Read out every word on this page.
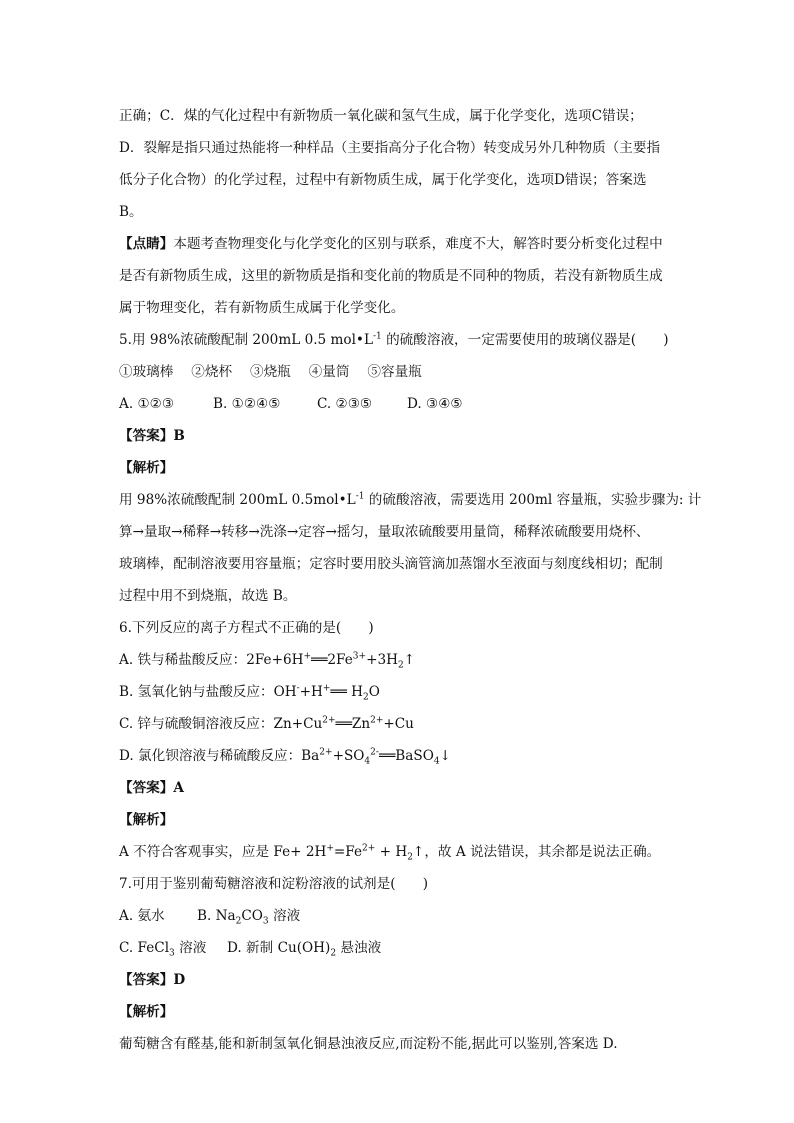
正确；C．煤的气化过程中有新物质一氧化碳和氢气生成，属于化学变化，选项C错误；
D．裂解是指只通过热能将一种样品（主要指高分子化合物）转变成另外几种物质（主要指
低分子化合物）的化学过程，过程中有新物质生成，属于化学变化，选项D错误；答案选
B。
【点睛】本题考查物理变化与化学变化的区别与联系，难度不大，解答时要分析变化过程中
是否有新物质生成，这里的新物质是指和变化前的物质是不同种的物质，若没有新物质生成
属于物理变化，若有新物质生成属于化学变化。
5.用 98%浓硫酸配制 200mL 0.5 $mol•L^{-1}$ 的硫酸溶液，一定需要使用的玻璃仪器是(　　)
①玻璃棒　 ②烧杯　 ③烧瓶　 ④量筒　 ⑤容量瓶
A. ①②③	B. ①②④⑤	C. ②③⑤	D. ③④⑤
【答案】B
【解析】
用 98%浓硫酸配制 200mL $0.5mol•L^{-1}$ 的硫酸溶液，需要选用 200ml 容量瓶，实验步骤为: 计
算→量取→稀释→转移→洗涤→定容→摇匀，量取浓硫酸要用量筒，稀释浓硫酸要用烧杯、
玻璃棒，配制溶液要用容量瓶；定容时要用胶头滴管滴加蒸馏水至液面与刻度线相切；配制
过程中用不到烧瓶，故选 B。
6.下列反应的离子方程式不正确的是(　　)
A. 铁与稀盐酸反应：$2Fe+6H^+══2Fe^{3+}+3H_2↑$
B. 氢氧化钠与盐酸反应：OH-+H+══ $H_2O$
C. 锌与硫酸铜溶液反应：$Zn+Cu^{2+}══Zn^{2+}+Cu$
D. 氯化钡溶液与稀硫酸反应：$Ba^{2+}+SO_4^{2-}══BaSO_4↓$
【答案】A
【解析】
A 不符合客观事实，应是 $Fe+ 2H^+=Fe^{2+}$ + $H_2↑$，故 A 说法错误，其余都是说法正确。
7.可用于鉴别葡萄糖溶液和淀粉溶液的试剂是(　　)
A. 氨水 B. $Na_2CO_3$ 溶液
C. FeCl$_3$ 溶液 D. 新制 $Cu(OH)_2$ 悬浊液
【答案】D
【解析】
葡萄糖含有醛基,能和新制氢氧化铜悬浊液反应,而淀粉不能,据此可以鉴别,答案选 D.
